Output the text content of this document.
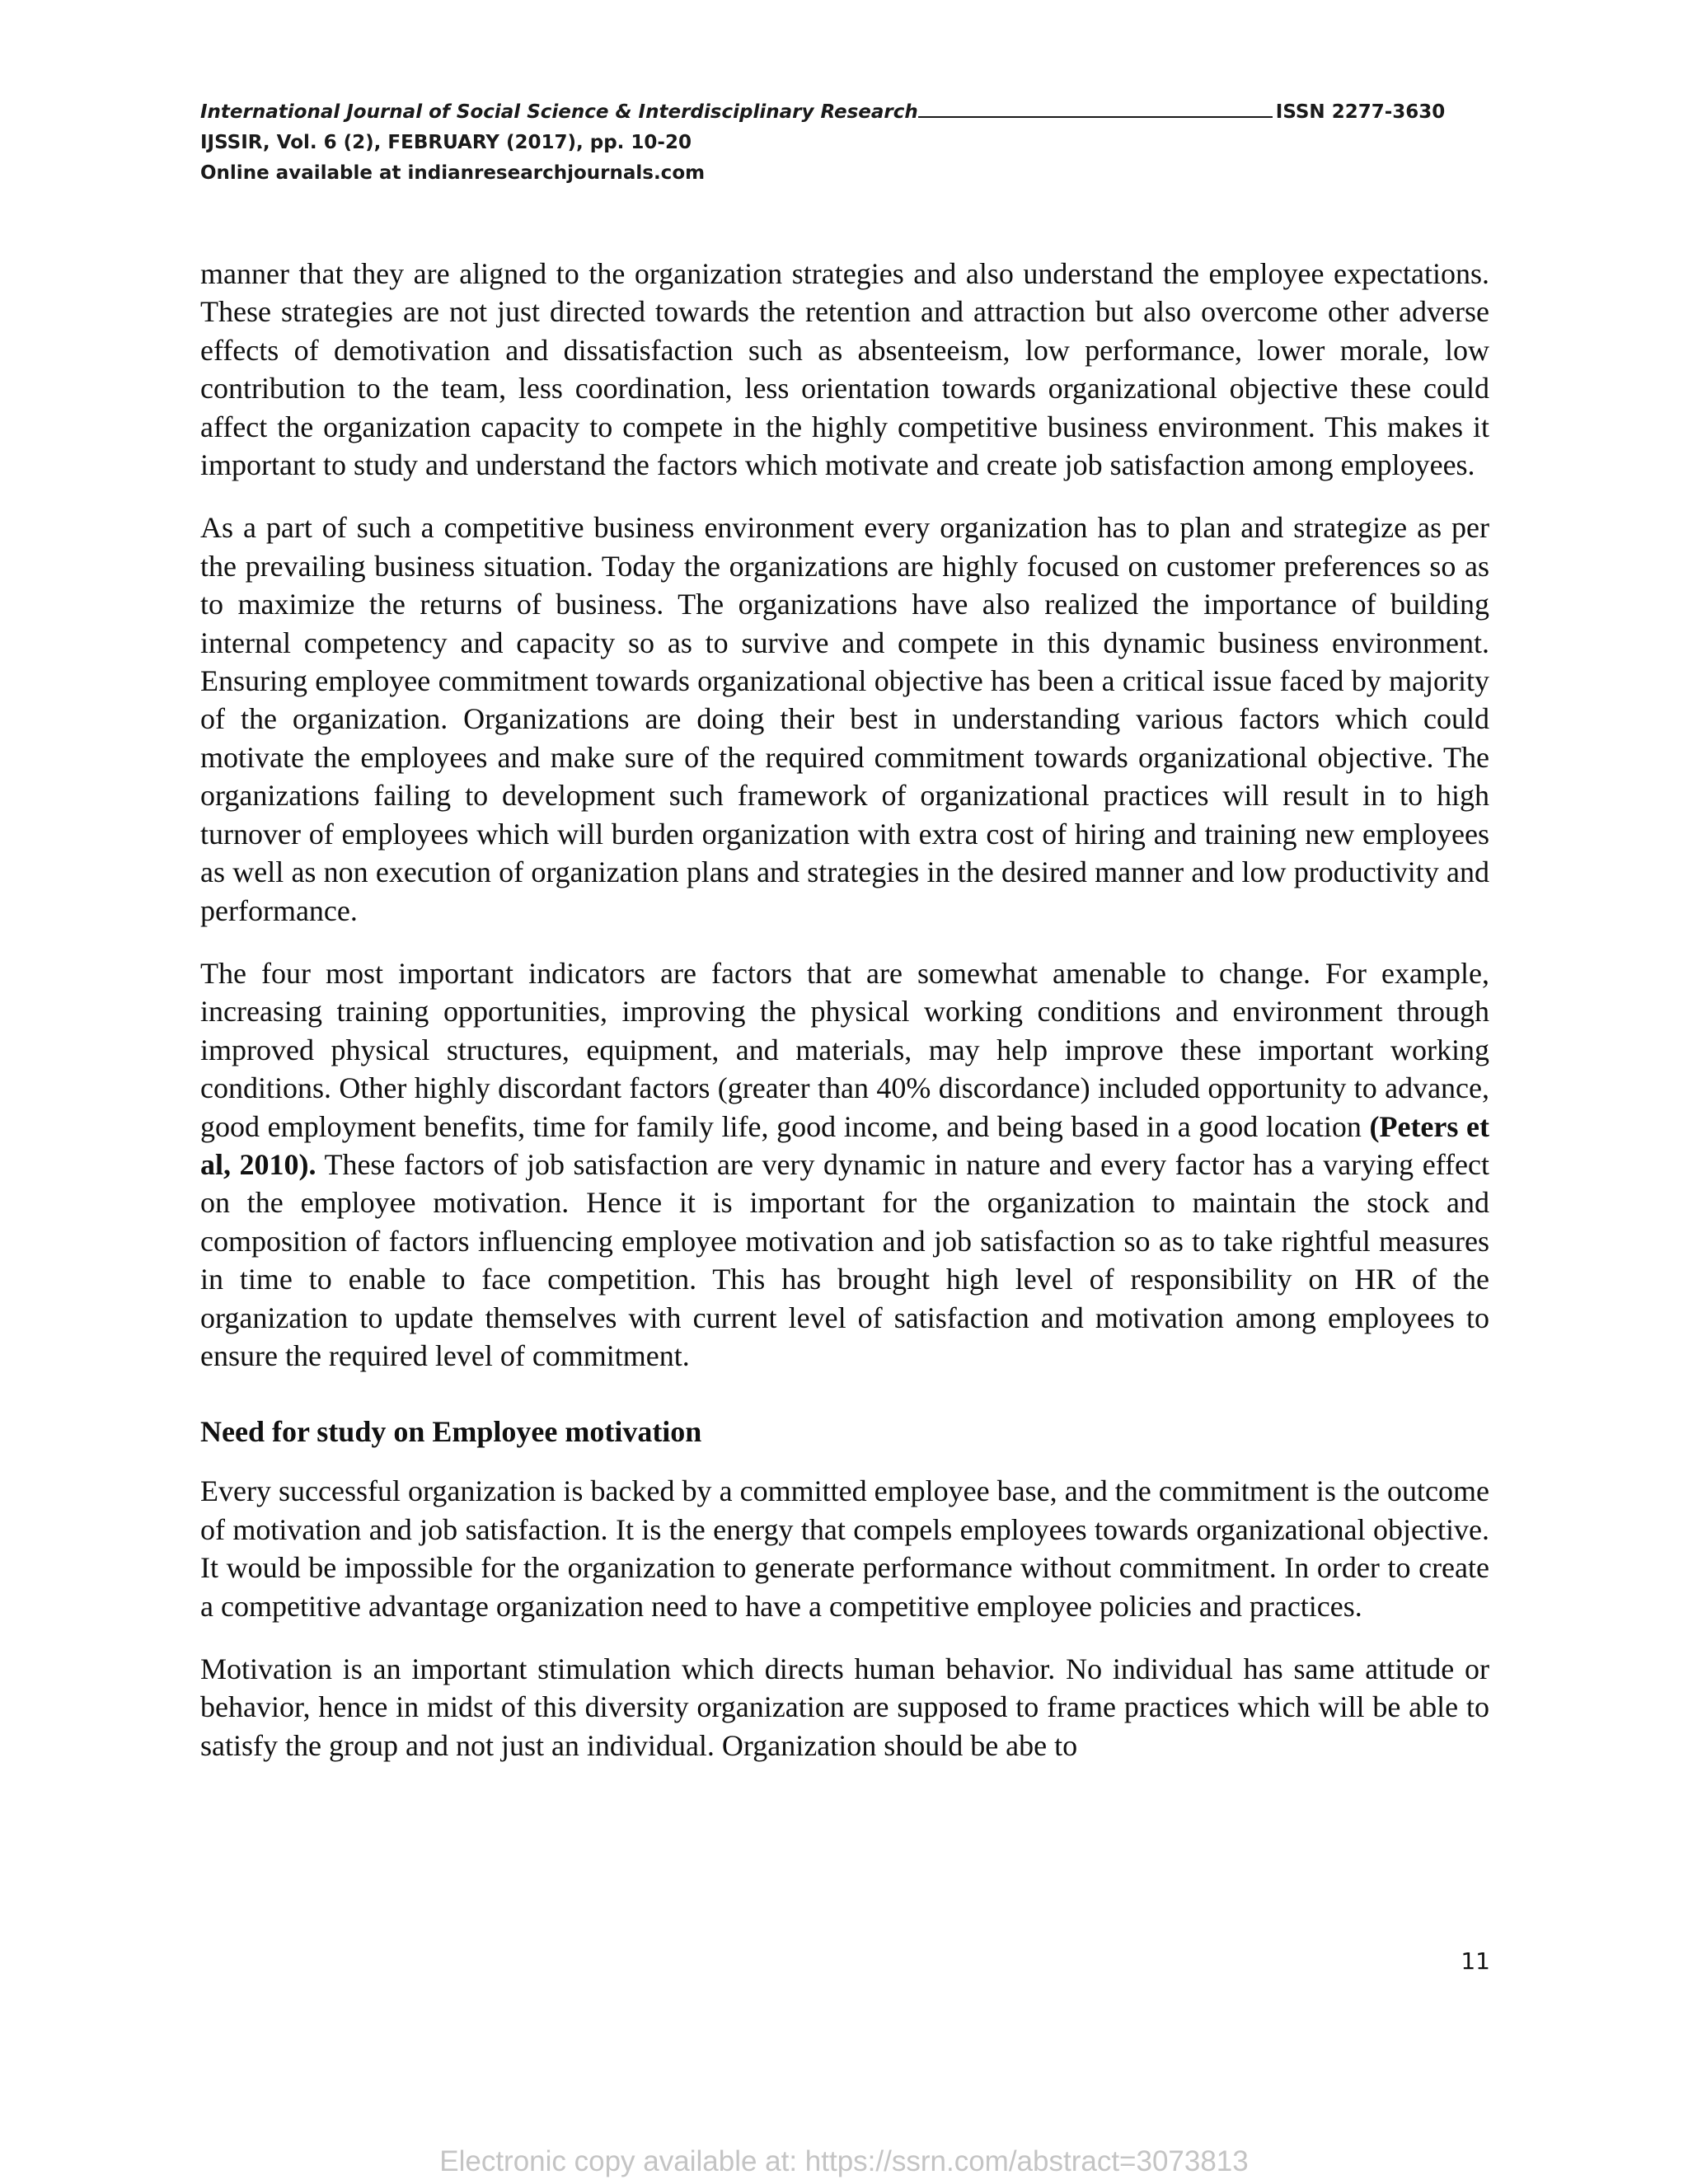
International Journal of Social Science & Interdisciplinary Research	ISSN 2277-3630
IJSSIR, Vol. 6 (2), FEBRUARY (2017), pp. 10-20
Online available at indianresearchjournals.com

manner that they are aligned to the organization strategies and also understand the employee expectations. These strategies are not just directed towards the retention and attraction but also overcome other adverse effects of demotivation and dissatisfaction such as absenteeism, low performance, lower morale, low contribution to the team, less coordination, less orientation towards organizational objective these could affect the organization capacity to compete in the highly competitive business environment. This makes it important to study and understand the factors which motivate and create job satisfaction among employees.

As a part of such a competitive business environment every organization has to plan and strategize as per the prevailing business situation. Today the organizations are highly focused on customer preferences so as to maximize the returns of business. The organizations have also realized the importance of building internal competency and capacity so as to survive and compete in this dynamic business environment. Ensuring employee commitment towards organizational objective has been a critical issue faced by majority of the organization. Organizations are doing their best in understanding various factors which could motivate the employees and make sure of the required commitment towards organizational objective. The organizations failing to development such framework of organizational practices will result in to high turnover of employees which will burden organization with extra cost of hiring and training new employees as well as non execution of organization plans and strategies in the desired manner and low productivity and performance.

The four most important indicators are factors that are somewhat amenable to change. For example, increasing training opportunities, improving the physical working conditions and environment through improved physical structures, equipment, and materials, may help improve these important working conditions. Other highly discordant factors (greater than 40% discordance) included opportunity to advance, good employment benefits, time for family life, good income, and being based in a good location (Peters et al, 2010). These factors of job satisfaction are very dynamic in nature and every factor has a varying effect on the employee motivation. Hence it is important for the organization to maintain the stock and composition of factors influencing employee motivation and job satisfaction so as to take rightful measures in time to enable to face competition. This has brought high level of responsibility on HR of the organization to update themselves with current level of satisfaction and motivation among employees to ensure the required level of commitment.

Need for study on Employee motivation

Every successful organization is backed by a committed employee base, and the commitment is the outcome of motivation and job satisfaction. It is the energy that compels employees towards organizational objective. It would be impossible for the organization to generate performance without commitment. In order to create a competitive advantage organization need to have a competitive employee policies and practices.

Motivation is an important stimulation which directs human behavior. No individual has same attitude or behavior, hence in midst of this diversity organization are supposed to frame practices which will be able to satisfy the group and not just an individual. Organization should be abe to

11
Electronic copy available at: https://ssrn.com/abstract=3073813
